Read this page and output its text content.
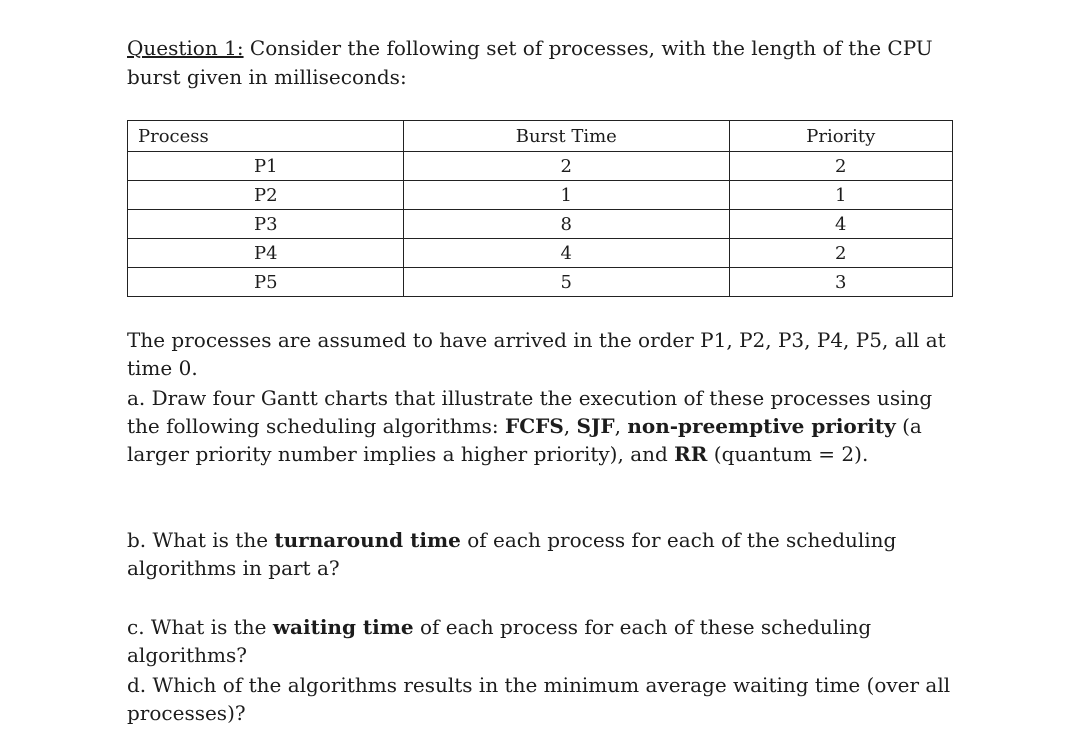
Question 1: Consider the following set of processes, with the length of the CPU burst given in milliseconds:

Process	Burst Time	Priority
P1	2	2
P2	1	1
P3	8	4
P4	4	2
P5	5	3

The processes are assumed to have arrived in the order P1, P2, P3, P4, P5, all at time 0.

a. Draw four Gantt charts that illustrate the execution of these processes using the following scheduling algorithms: FCFS, SJF, non-preemptive priority (a larger priority number implies a higher priority), and RR (quantum = 2).

b. What is the turnaround time of each process for each of the scheduling algorithms in part a?

c. What is the waiting time of each process for each of these scheduling algorithms?

d. Which of the algorithms results in the minimum average waiting time (over all processes)?
